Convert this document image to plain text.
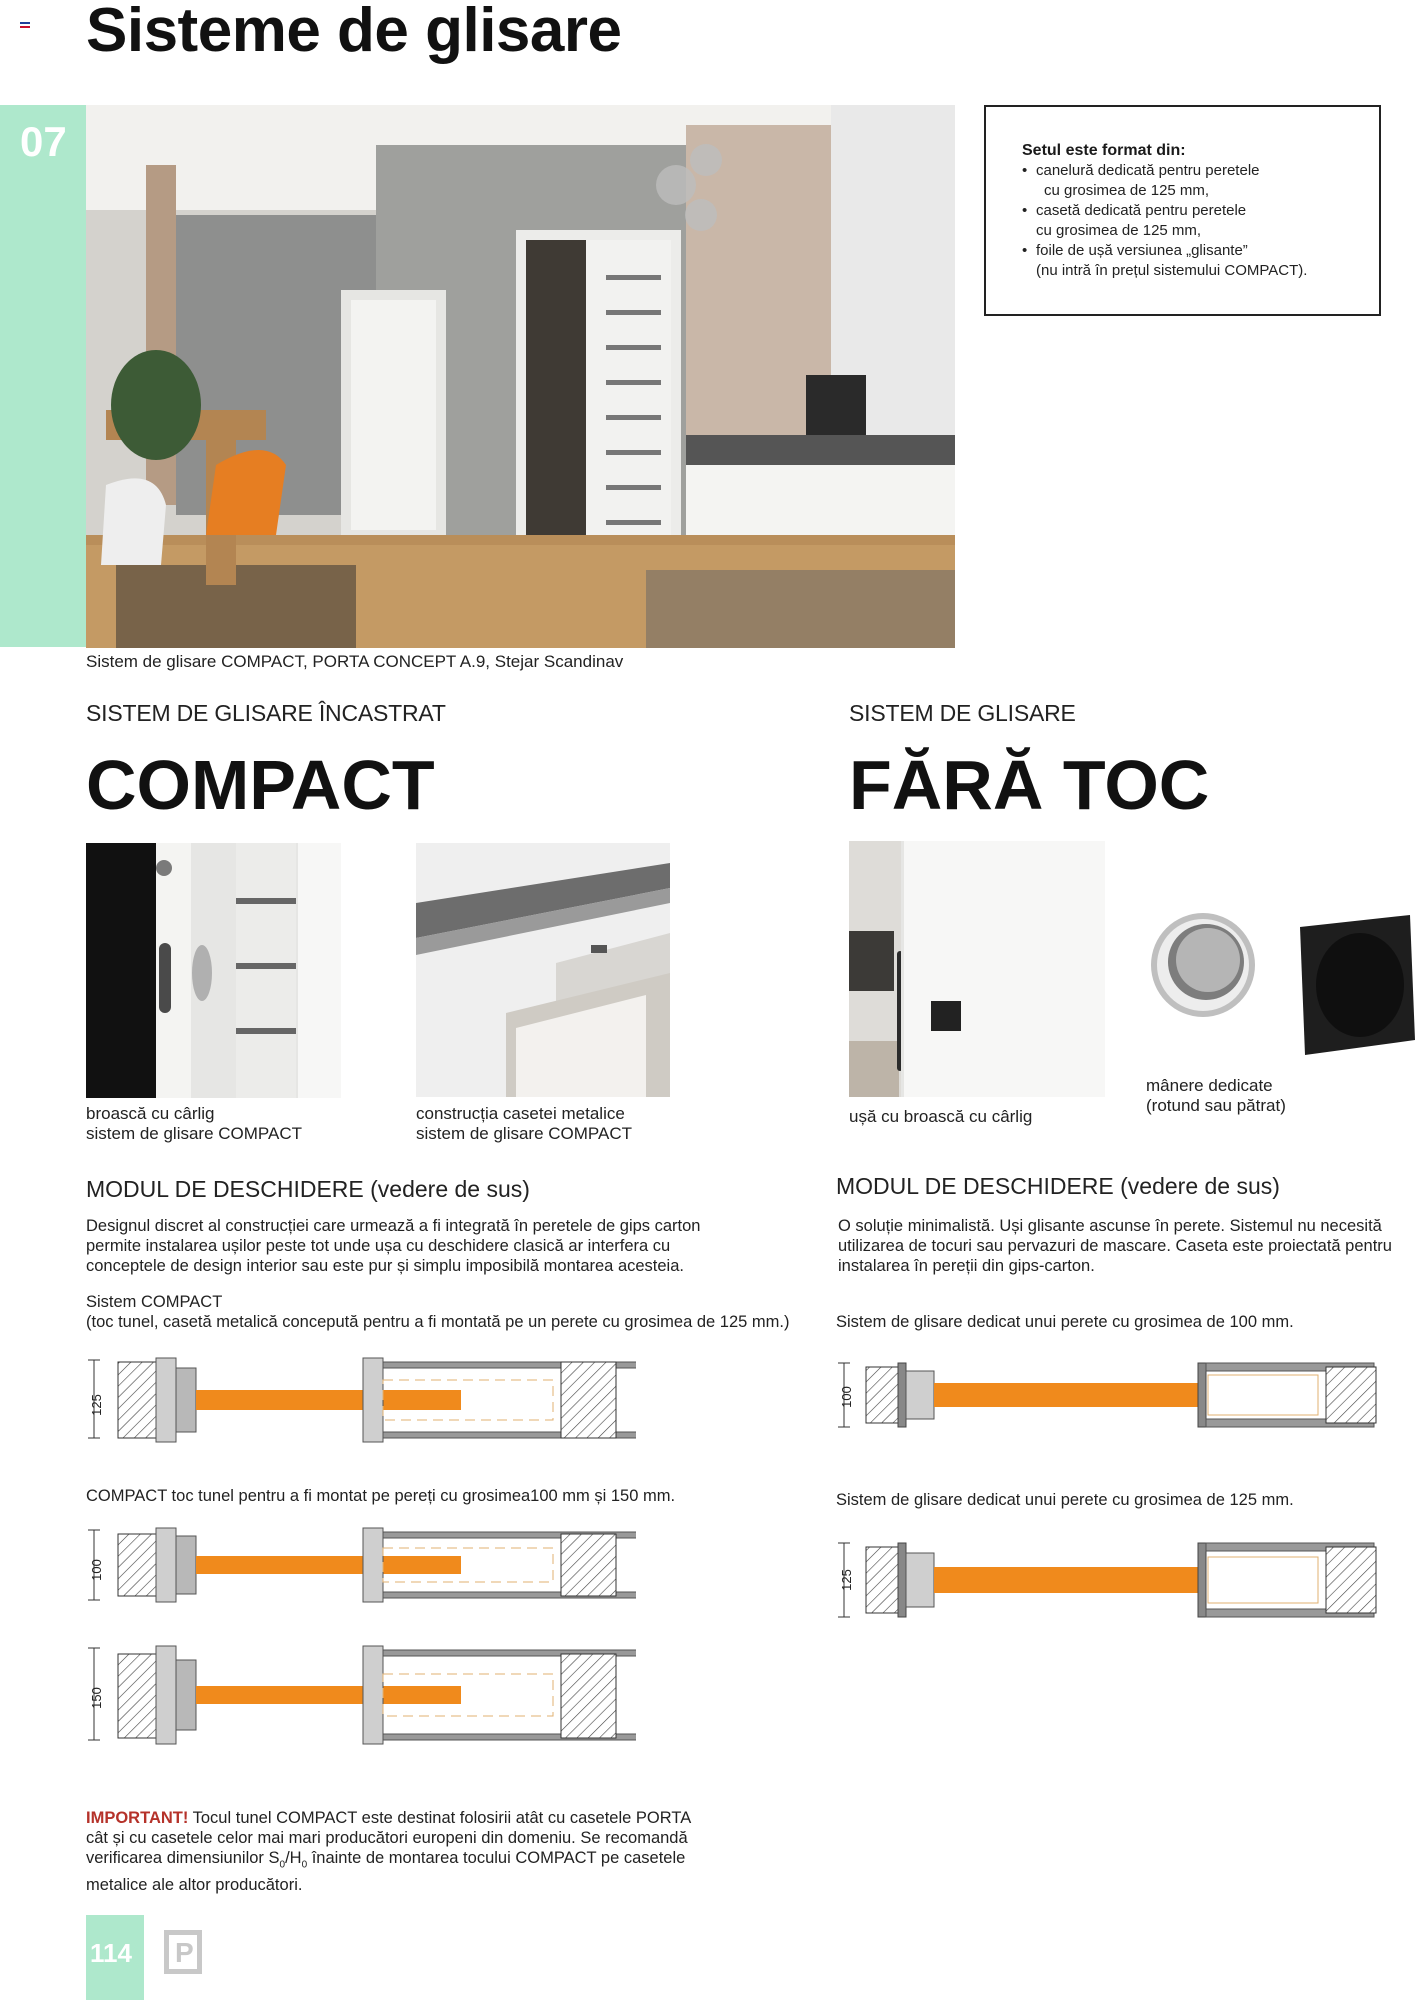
Sisteme de glisare
07
Sistem de glisare COMPACT, PORTA CONCEPT A.9, Stejar Scandinav
Setul este format din:
• canelură dedicată pentru peretele
cu grosimea de 125 mm,
• casetă dedicată pentru peretele
cu grosimea de 125 mm,
• foile de ușă versiunea „glisante”
(nu intră în prețul sistemului COMPACT).
SISTEM DE GLISARE ÎNCASTRAT
COMPACT
broască cu cârlig
sistem de glisare COMPACT
construcția casetei metalice
sistem de glisare COMPACT
MODUL DE DESCHIDERE (vedere de sus)
Designul discret al construcției care urmează a fi integrată în peretele de gips carton
permite instalarea ușilor peste tot unde ușa cu deschidere clasică ar interfera cu
conceptele de design interior sau este pur și simplu imposibilă montarea acesteia.
Sistem COMPACT
(toc tunel, casetă metalică concepută pentru a fi montată pe un perete cu grosimea de 125 mm.)
125
COMPACT toc tunel pentru a fi montat pe pereți cu grosimea100 mm și 150 mm.
100
150
IMPORTANT! Tocul tunel COMPACT este destinat folosirii atât cu casetele PORTA
cât și cu casetele celor mai mari producători europeni din domeniu. Se recomandă
verificarea dimensiunilor $S_0/H_0$ înainte de montarea tocului COMPACT pe casetele
metalice ale altor producători.
SISTEM DE GLISARE
FĂRĂ TOC
ușă cu broască cu cârlig
mânere dedicate
(rotund sau pătrat)
MODUL DE DESCHIDERE (vedere de sus)
O soluție minimalistă. Uși glisante ascunse în perete. Sistemul nu necesită
utilizarea de tocuri sau pervazuri de mascare. Caseta este proiectată pentru
instalarea în pereții din gips-carton.
Sistem de glisare dedicat unui perete cu grosimea de 100 mm.
100
Sistem de glisare dedicat unui perete cu grosimea de 125 mm.
125
114 P
